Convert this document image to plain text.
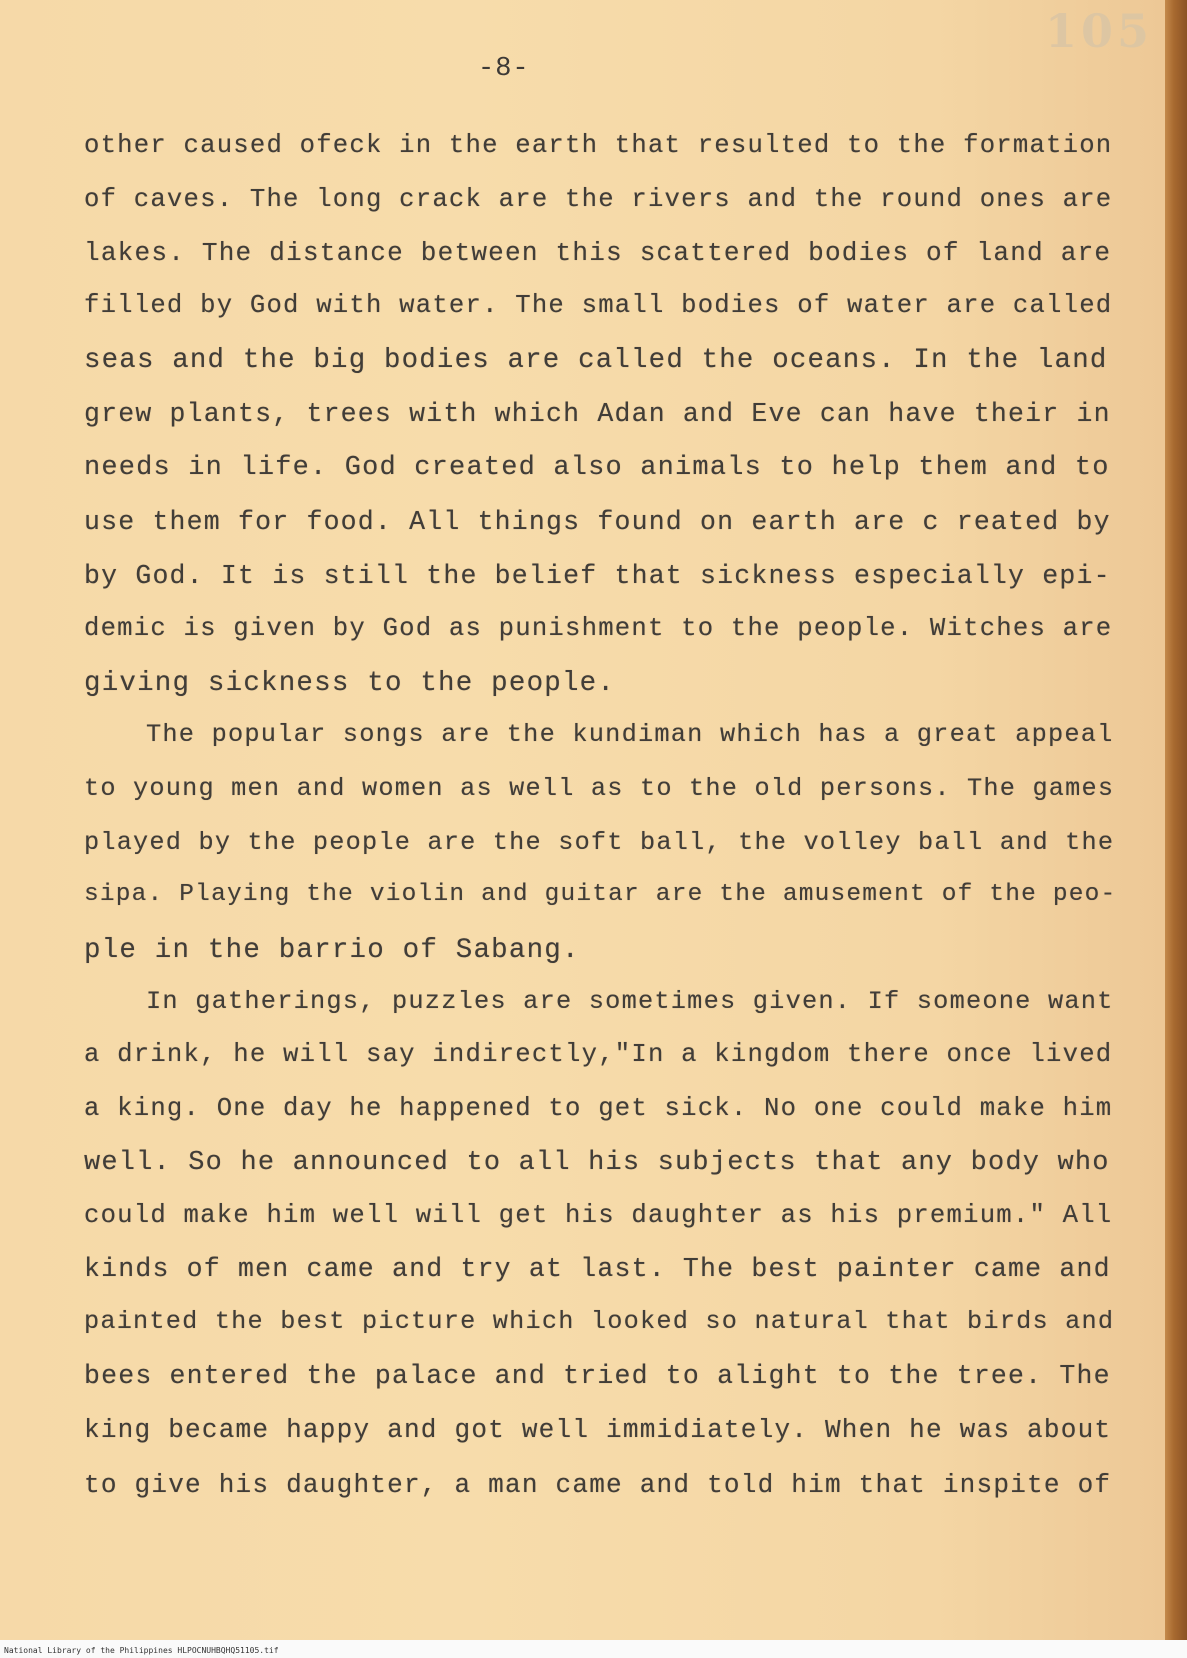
105
-8-
other caused ofeck in the earth that resulted to the formation
of caves. The long crack are the rivers and the round ones are
lakes. The distance between this scattered bodies of land are
filled by God with water. The small bodies of water are called
seas and the big bodies are called the oceans. In the land
grew plants, trees with which Adan and Eve can have their in
needs in life. God created also animals to help them and to
use them for food. All things found on earth are c reated by
by God. It is still the belief that sickness especially epi-
demic is given by God as punishment to the people. Witches are
giving sickness to the people.
The popular songs are the kundiman which has a great appeal
to young men and women as well as to the old persons. The games
played by the people are the soft ball, the volley ball and the
sipa. Playing the violin and guitar are the amusement of the peo-
ple in the barrio of Sabang.
In gatherings, puzzles are sometimes given. If someone want
a drink, he will say indirectly,"In a kingdom there once lived
a king. One day he happened to get sick. No one could make him
well. So he announced to all his subjects that any body who
could make him well will get his daughter as his premium." All
kinds of men came and try at last. The best painter came and
painted the best picture which looked so natural that birds and
bees entered the palace and tried to alight to the tree. The
king became happy and got well immidiately. When he was about
to give his daughter, a man came and told him that inspite of
National Library of the Philippines HLPOCNUHBQHQ51105.tif
